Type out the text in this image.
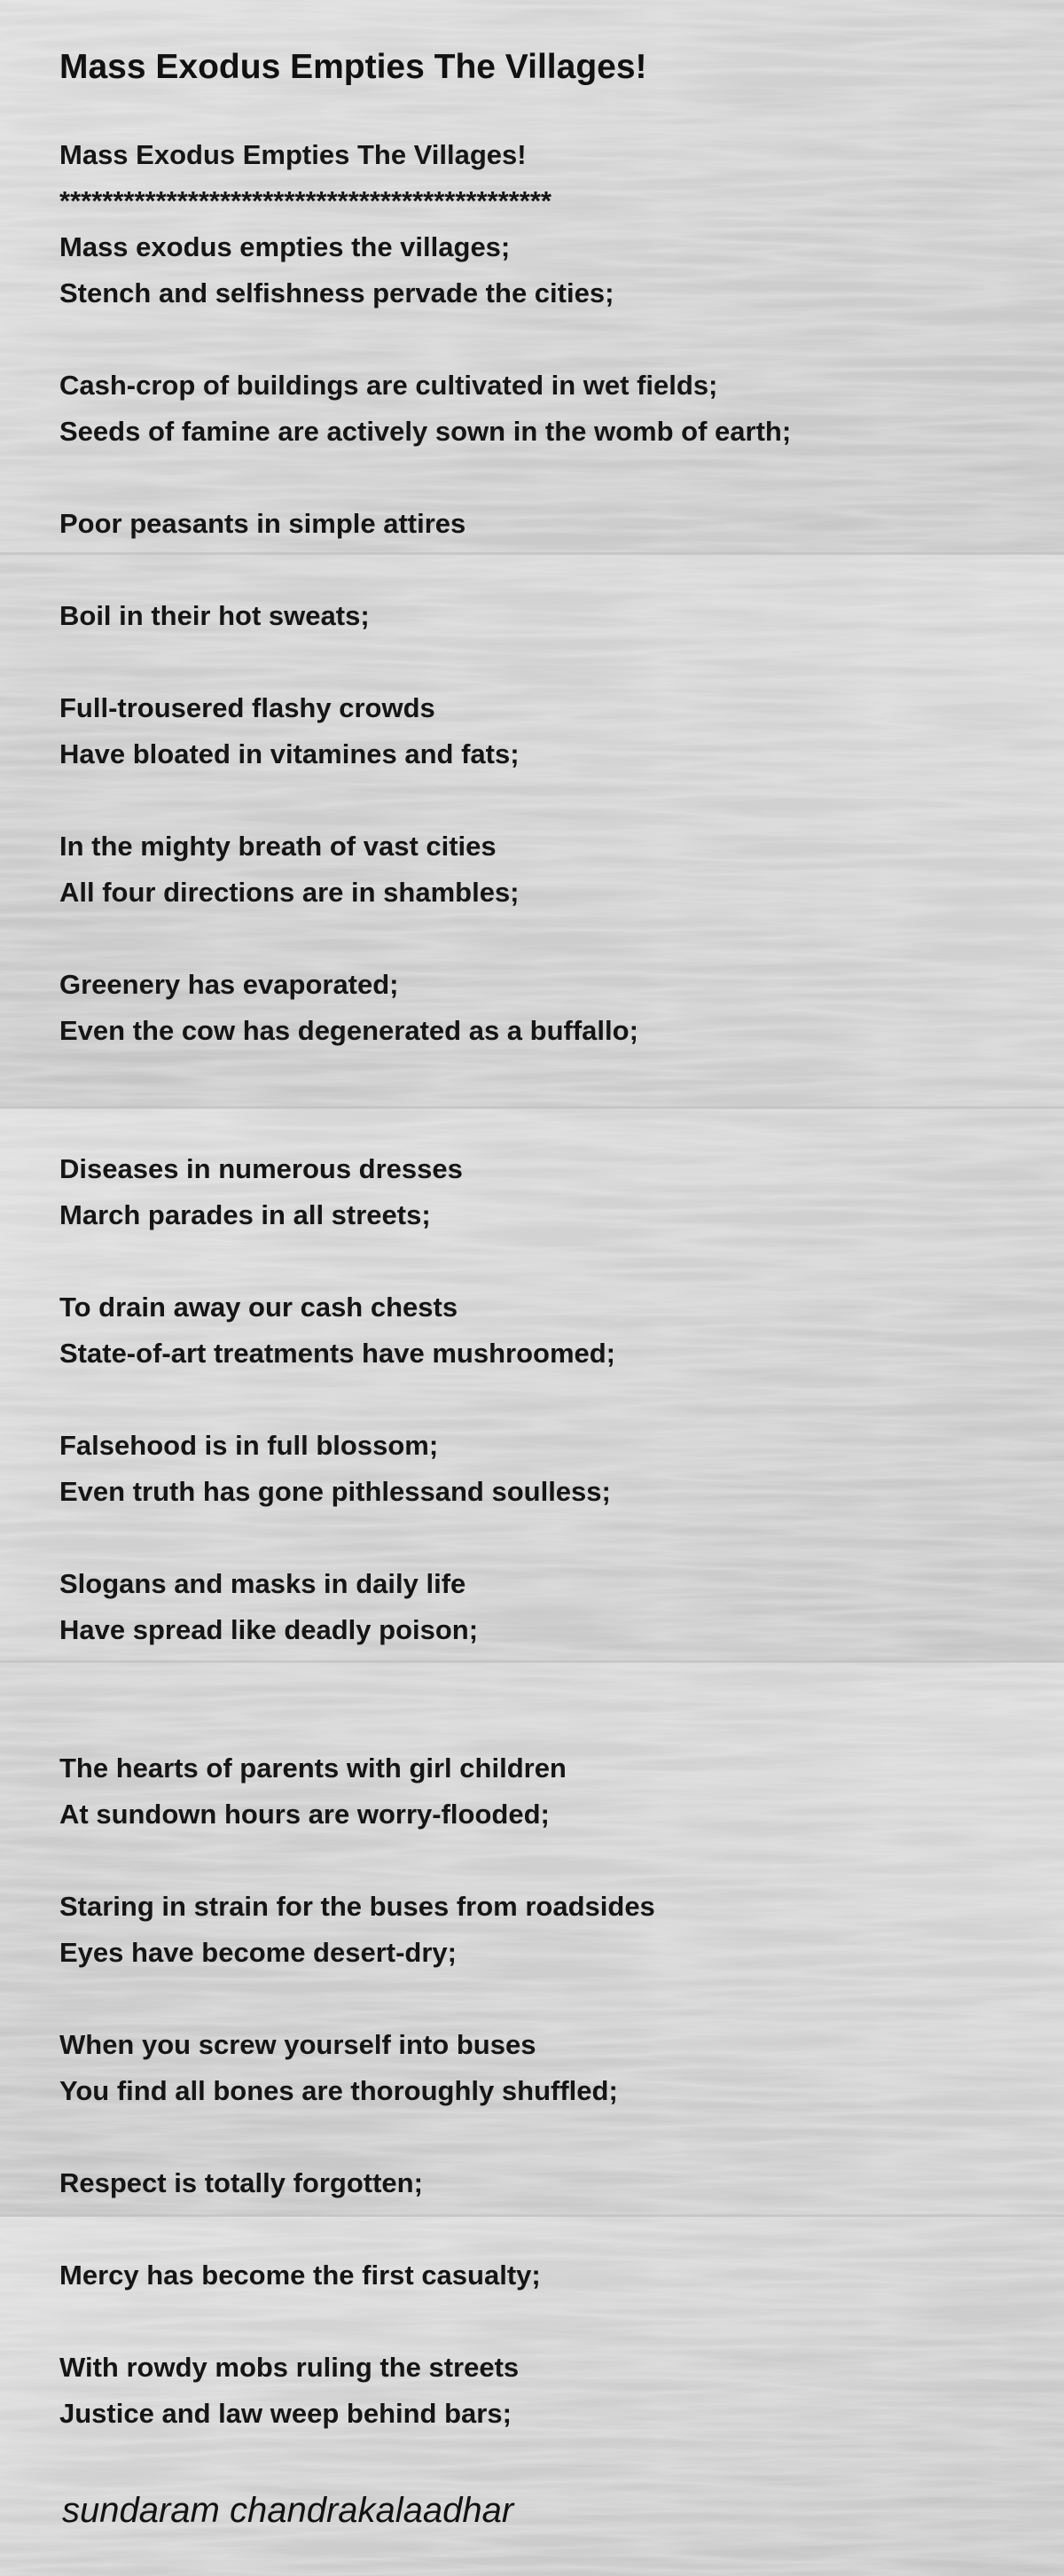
Mass Exodus Empties The Villages!

Mass Exodus Empties The Villages!

**********************************************

Mass exodus empties the villages;

Stench and selfishness pervade the cities;

Cash-crop of buildings are cultivated in wet fields;

Seeds of famine are actively sown in the womb of earth;

Poor peasants in simple attires

Boil in their hot sweats;

Full-trousered flashy crowds

Have bloated in vitamines and fats;

In the mighty breath of vast cities

All four directions are in shambles;

Greenery has evaporated;

Even the cow has degenerated as a buffallo;

Diseases in numerous dresses

March parades in all streets;

To drain away our cash chests

State-of-art treatments have mushroomed;

Falsehood is in full blossom;

Even truth has gone pithlessand soulless;

Slogans and masks in daily life

Have spread like deadly poison;

The hearts of parents with girl children

At sundown hours are worry-flooded;

Staring in strain for the buses from roadsides

Eyes have become desert-dry;

When you screw yourself into buses

You find all bones are thoroughly shuffled;

Respect is totally forgotten;

Mercy has become the first casualty;

With rowdy mobs ruling the streets

Justice and law weep behind bars;

sundaram chandrakalaadhar
